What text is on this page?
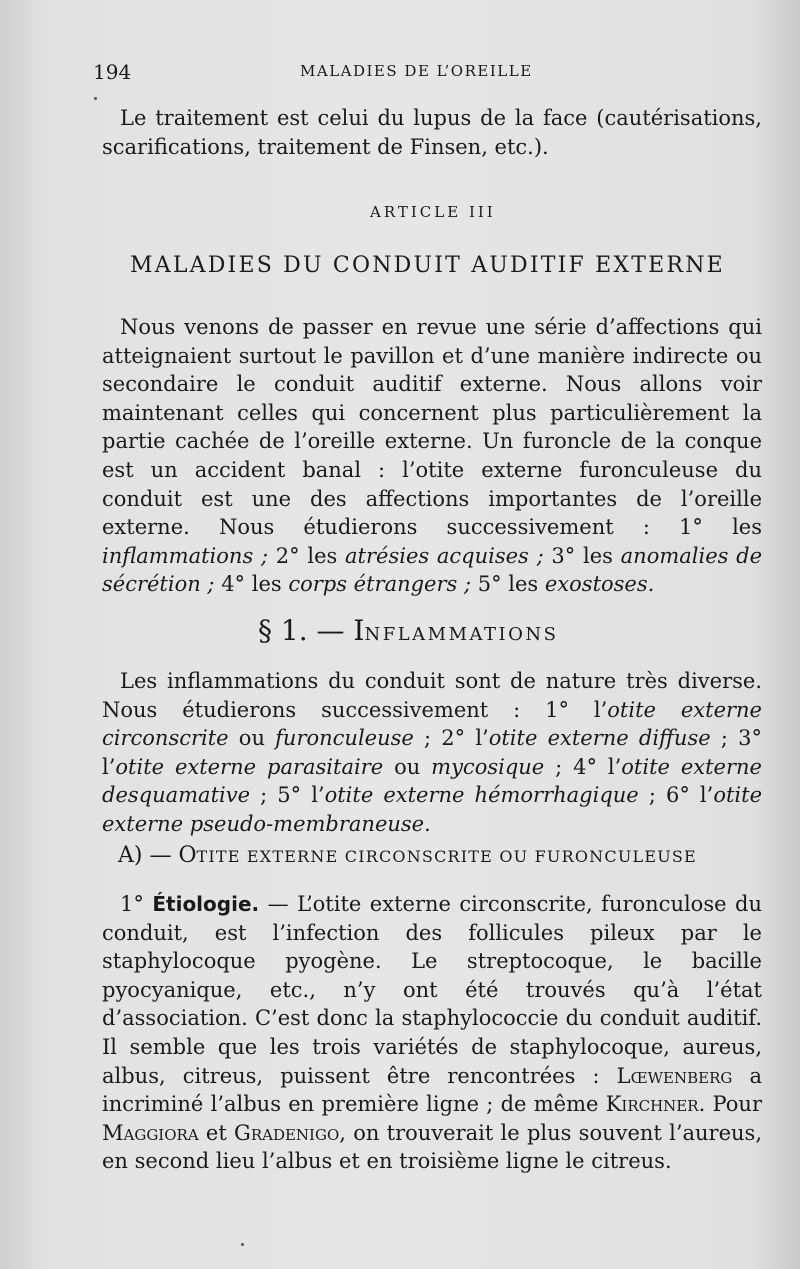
194	MALADIES DE L’OREILLE

Le traitement est celui du lupus de la face (cautérisations,

scarifications, traitement de Finsen, etc.).

ARTICLE III
MALADIES DU CONDUIT AUDITIF EXTERNE

Nous venons de passer en revue une série d’affections qui atteignaient surtout le pavillon et d’une manière indirecte ou secondaire le conduit auditif externe. Nous allons voir maintenant celles qui concernent plus particulièrement la partie cachée de l’oreille externe. Un furoncle de la conque est un accident banal : l’otite externe furonculeuse du conduit est une des affections importantes de l’oreille externe. Nous étudierons successivement : 1° les inflammations ; 2° les atrésies acquises ; 3° les anomalies de sécrétion ; 4° les corps étrangers ; 5° les exostoses.

§ 1. — INFLAMMATIONS

Les inflammations du conduit sont de nature très diverse. Nous étudierons successivement : 1° l’otite externe circonscrite ou furonculeuse ; 2° l’otite externe diffuse ; 3° l’otite externe parasitaire ou mycosique ; 4° l’otite externe desquamative ; 5° l’otite externe hémorrhagique ; 6° l’otite externe pseudo-membraneuse.

A) — OTITE EXTERNE CIRCONSCRITE OU FURONCULEUSE

1° Étiologie. — L’otite externe circonscrite, furonculose du conduit, est l’infection des follicules pileux par le staphylocoque pyogène. Le streptocoque, le bacille pyocyanique, etc., n’y ont été trouvés qu’à l’état d’association. C’est donc la staphylococcie du conduit auditif. Il semble que les trois variétés de staphylocoque, aureus, albus, citreus, puissent être rencontrées : Lœwenberg a incriminé l’albus en première ligne ; de même Kirchner. Pour Maggiora et Gradenigo, on trouverait le plus souvent l’aureus, en second lieu l’albus et en troisième ligne le citreus.
